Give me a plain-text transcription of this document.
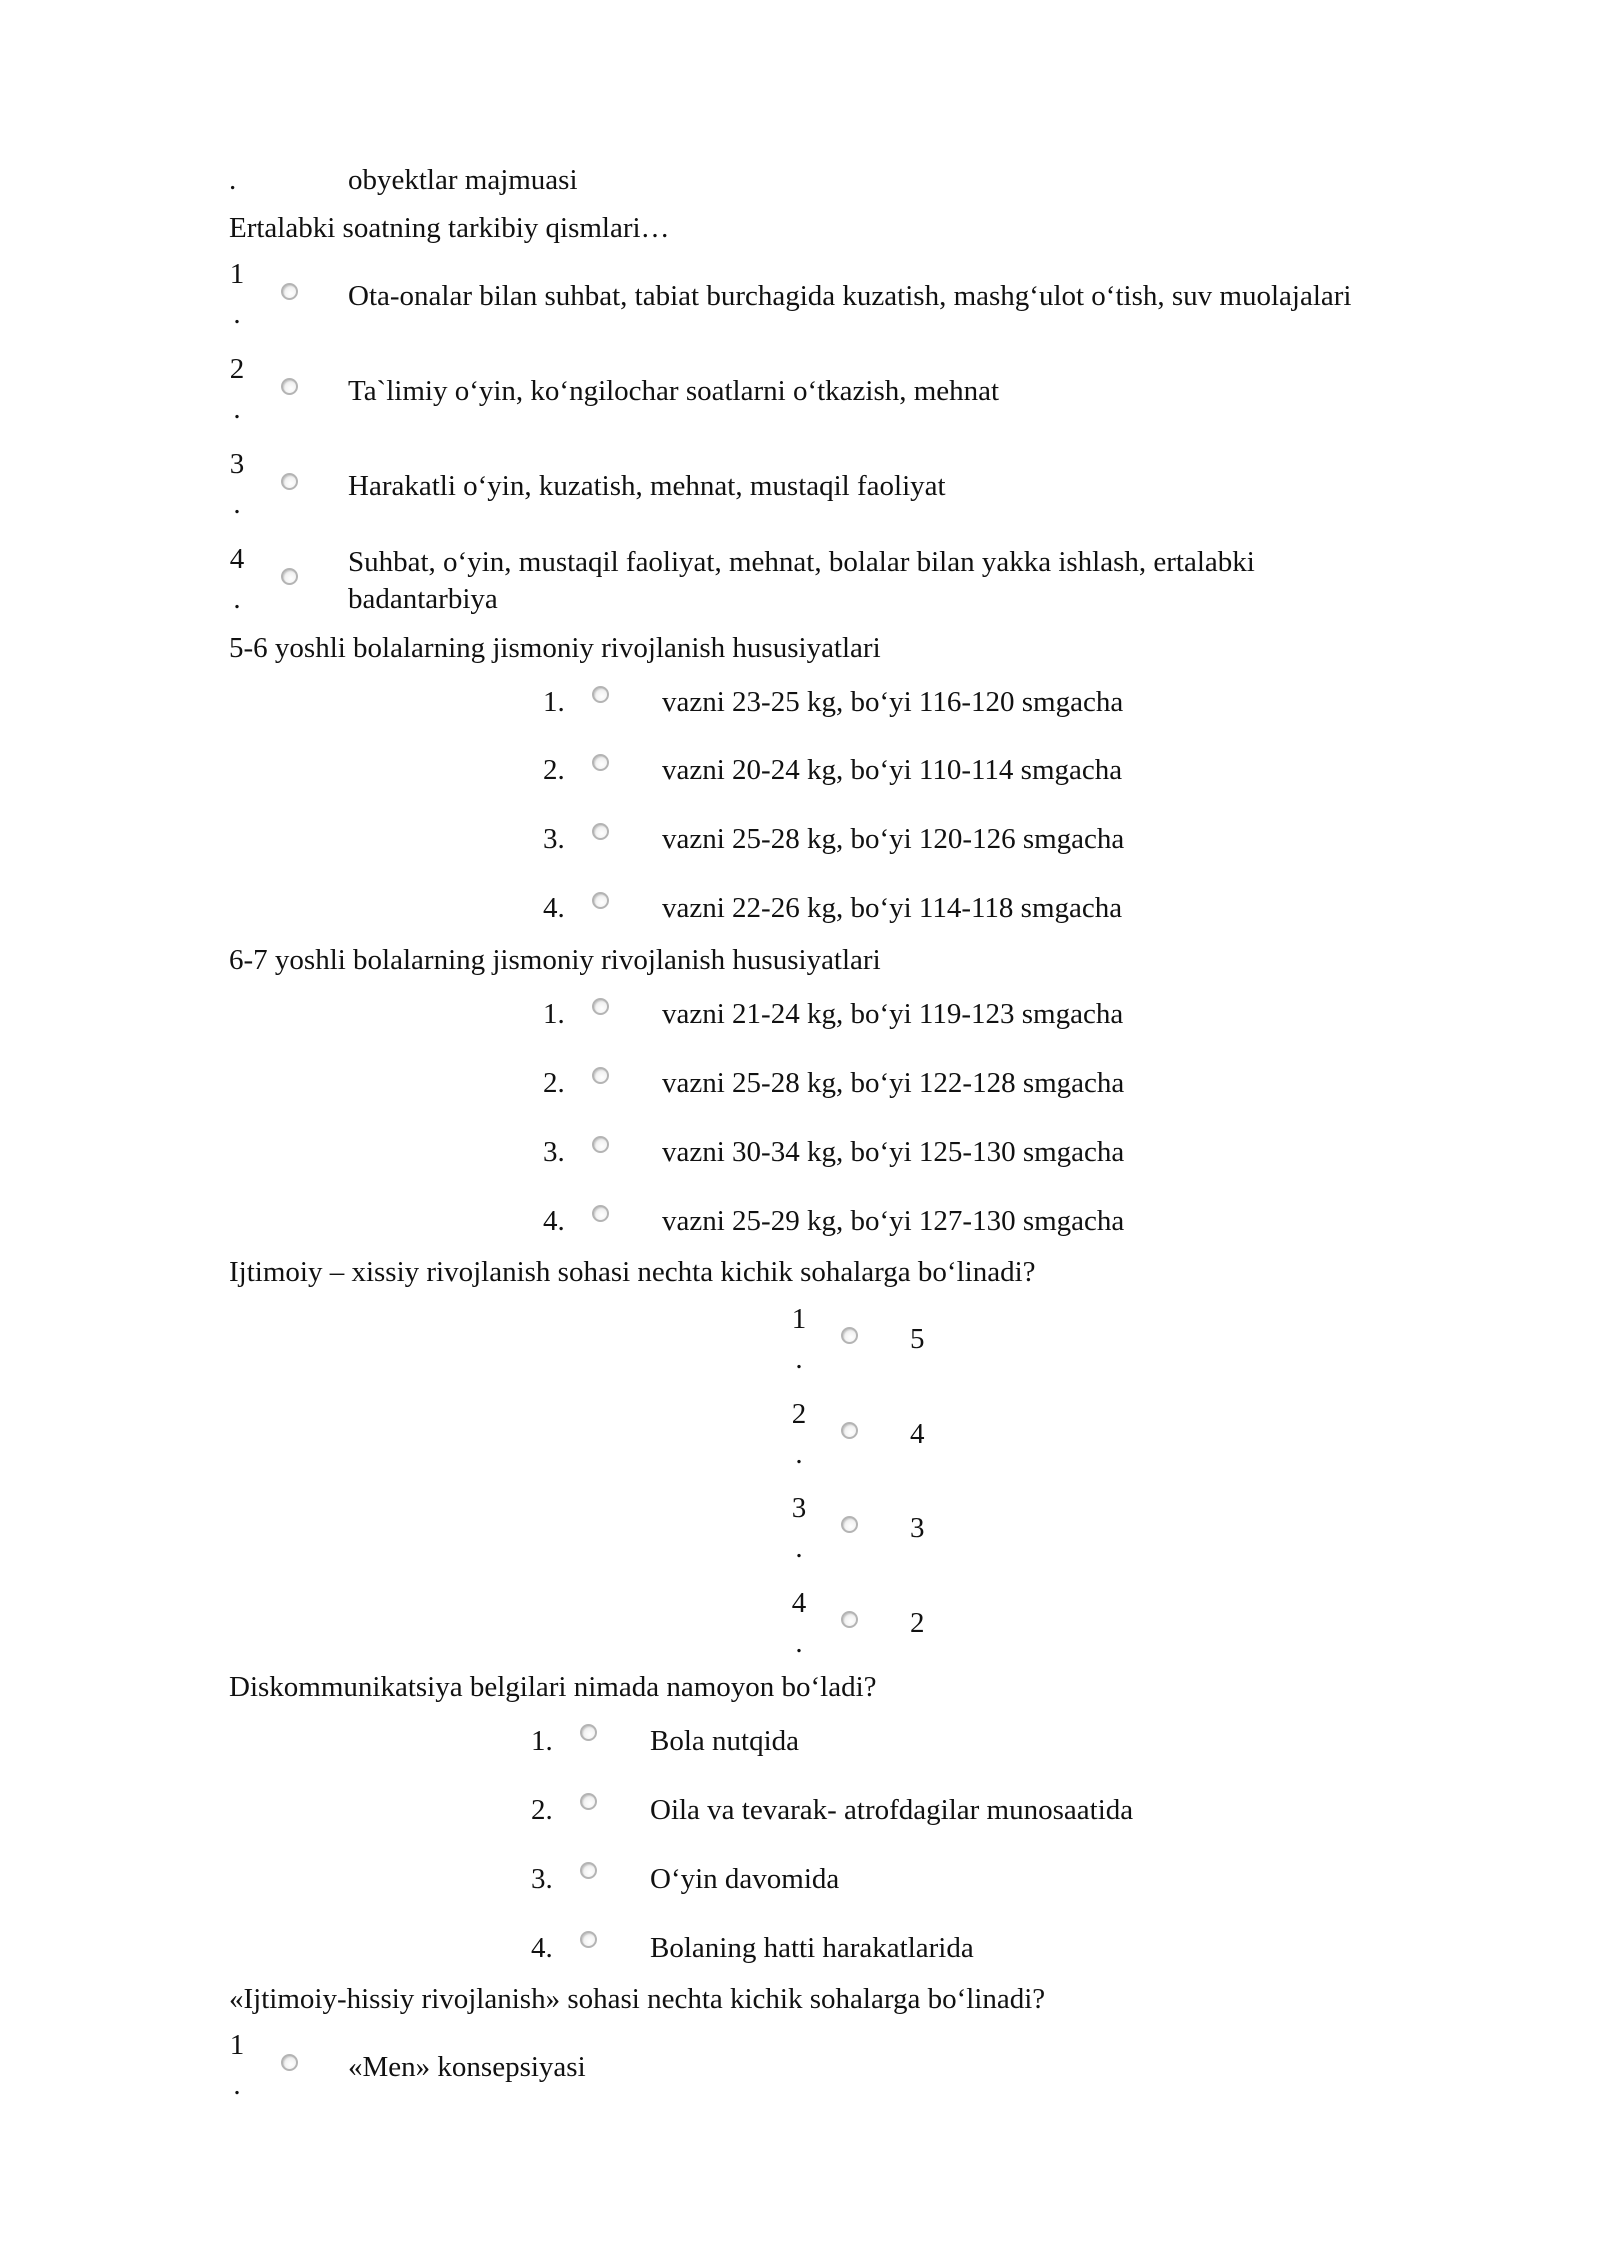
.	obyektlar majmuasi
Ertalabki soatning tarkibiy qismlari…
1
.
Ota-onalar bilan suhbat, tabiat burchagida kuzatish, mashg‘ulot o‘tish, suv muolajalari
2
.
Ta`limiy o‘yin, ko‘ngilochar soatlarni o‘tkazish, mehnat
3
.
Harakatli o‘yin, kuzatish, mehnat, mustaqil faoliyat
4
.
Suhbat, o‘yin, mustaqil faoliyat, mehnat, bolalar bilan yakka ishlash, ertalabki badantarbiya
5-6 yoshli bolalarning jismoniy rivojlanish hususiyatlari
1.	vazni 23-25 kg, bo‘yi 116-120 smgacha
2.	vazni 20-24 kg, bo‘yi 110-114 smgacha
3.	vazni 25-28 kg, bo‘yi 120-126 smgacha
4.	vazni 22-26 kg, bo‘yi 114-118 smgacha
6-7 yoshli bolalarning jismoniy rivojlanish hususiyatlari
1.	vazni 21-24 kg, bo‘yi 119-123 smgacha
2.	vazni 25-28 kg, bo‘yi 122-128 smgacha
3.	vazni 30-34 kg, bo‘yi 125-130 smgacha
4.	vazni 25-29 kg, bo‘yi 127-130 smgacha
Ijtimoiy – xissiy rivojlanish sohasi nechta kichik sohalarga bo‘linadi?
1
.
5
2
.
4
3
.
3
4
.
2
Diskommunikatsiya belgilari nimada namoyon bo‘ladi?
1.	Bola nutqida
2.	Oila va tevarak- atrofdagilar munosaatida
3.	O‘yin davomida
4.	Bolaning hatti harakatlarida
«Ijtimoiy-hissiy rivojlanish» sohasi nechta kichik sohalarga bo‘linadi?
1
.
«Men» konsepsiyasi
